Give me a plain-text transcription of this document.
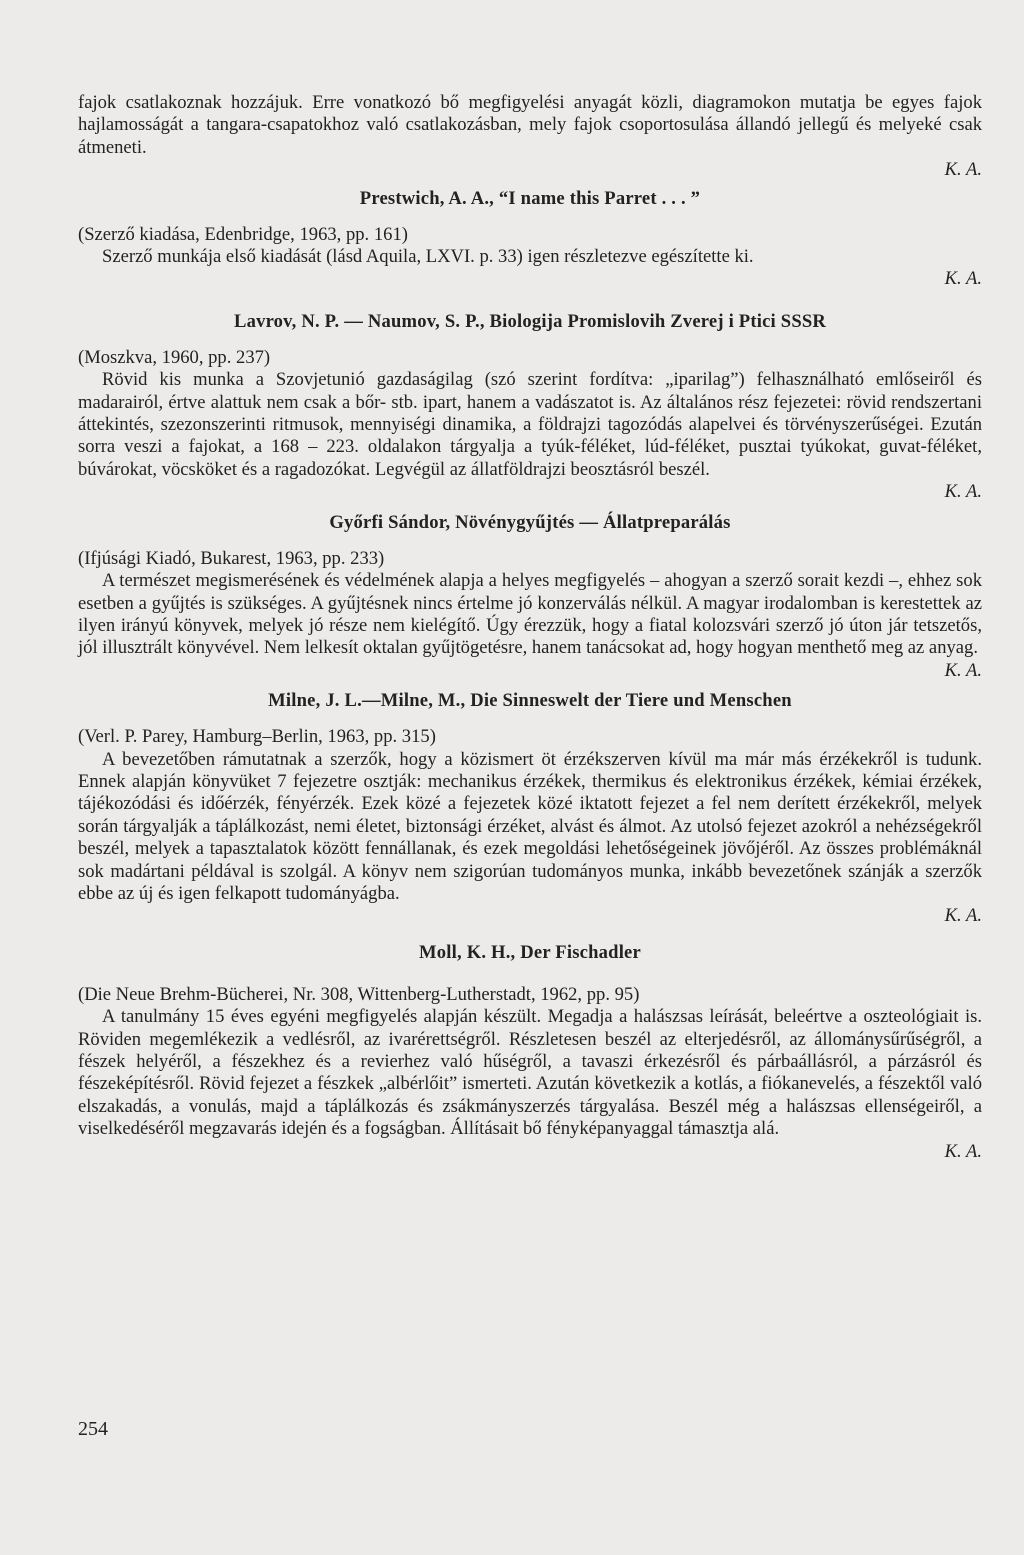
fajok csatlakoznak hozzájuk. Erre vonatkozó bő megfigyelési anyagát közli, diagramokon mutatja be egyes fajok hajlamosságát a tangara-csapatokhoz való csatlakozásban, mely fajok csoportosulása állandó jellegű és melyeké csak átmeneti.

K. A.

Prestwich, A. A., “I name this Parret . . . ”

(Szerző kiadása, Edenbridge, 1963, pp. 161)

Szerző munkája első kiadását (lásd Aquila, LXVI. p. 33) igen részletezve egészítette ki.

K. A.

Lavrov, N. P. — Naumov, S. P., Biologija Promislovih Zverej i Ptici SSSR

(Moszkva, 1960, pp. 237)

Rövid kis munka a Szovjetunió gazdaságilag (szó szerint fordítva: „iparilag”) felhasználható emlőseiről és madarairól, értve alattuk nem csak a bőr- stb. ipart, hanem a vadászatot is. Az általános rész fejezetei: rövid rendszertani áttekintés, szezonszerinti ritmusok, mennyiségi dinamika, a földrajzi tagozódás alapelvei és törvényszerűségei. Ezután sorra veszi a fajokat, a 168 – 223. oldalakon tárgyalja a tyúk-féléket, lúd-féléket, pusztai tyúkokat, guvat-féléket, búvárokat, vöcsköket és a ragadozókat. Legvégül az állatföldrajzi beosztásról beszél.

K. A.

Győrfi Sándor, Növénygyűjtés — Állatpreparálás

(Ifjúsági Kiadó, Bukarest, 1963, pp. 233)

A természet megismerésének és védelmének alapja a helyes megfigyelés – ahogyan a szerző sorait kezdi –, ehhez sok esetben a gyűjtés is szükséges. A gyűjtésnek nincs értelme jó konzerválás nélkül. A magyar irodalomban is kerestettek az ilyen irányú könyvek, melyek jó része nem kielégítő. Úgy érezzük, hogy a fiatal kolozsvári szerző jó úton jár tetszetős, jól illusztrált könyvével. Nem lelkesít oktalan gyűjtögetésre, hanem tanácsokat ad, hogy hogyan menthető meg az anyag.

K. A.

Milne, J. L.—Milne, M., Die Sinneswelt der Tiere und Menschen

(Verl. P. Parey, Hamburg–Berlin, 1963, pp. 315)

A bevezetőben rámutatnak a szerzők, hogy a közismert öt érzékszerven kívül ma már más érzékekről is tudunk. Ennek alapján könyvüket 7 fejezetre osztják: mechanikus érzékek, thermikus és elektronikus érzékek, kémiai érzékek, tájékozódási és időérzék, fényérzék. Ezek közé a fejezetek közé iktatott fejezet a fel nem derített érzékekről, melyek során tárgyalják a táplálkozást, nemi életet, biztonsági érzéket, alvást és álmot. Az utolsó fejezet azokról a nehézségekről beszél, melyek a tapasztalatok között fennállanak, és ezek megoldási lehetőségeinek jövőjéről. Az összes problémáknál sok madártani példával is szolgál. A könyv nem szigorúan tudományos munka, inkább bevezetőnek szánják a szerzők ebbe az új és igen felkapott tudományágba.

K. A.

Moll, K. H., Der Fischadler

(Die Neue Brehm-Bücherei, Nr. 308, Wittenberg-Lutherstadt, 1962, pp. 95)

A tanulmány 15 éves egyéni megfigyelés alapján készült. Megadja a halászsas leírását, beleértve a oszteológiait is. Röviden megemlékezik a vedlésről, az ivarérettségről. Részletesen beszél az elterjedésről, az állománysűrűségről, a fészek helyéről, a fészekhez és a revierhez való hűségről, a tavaszi érkezésről és párbaállásról, a párzásról és fészeképítésről. Rövid fejezet a fészkek „albérlőit” ismerteti. Azután következik a kotlás, a fiókanevelés, a fészektől való elszakadás, a vonulás, majd a táplálkozás és zsákmányszerzés tárgyalása. Beszél még a halászsas ellenségeiről, a viselkedéséről megzavarás idején és a fogságban. Állításait bő fényképanyaggal támasztja alá.

K. A.

254
